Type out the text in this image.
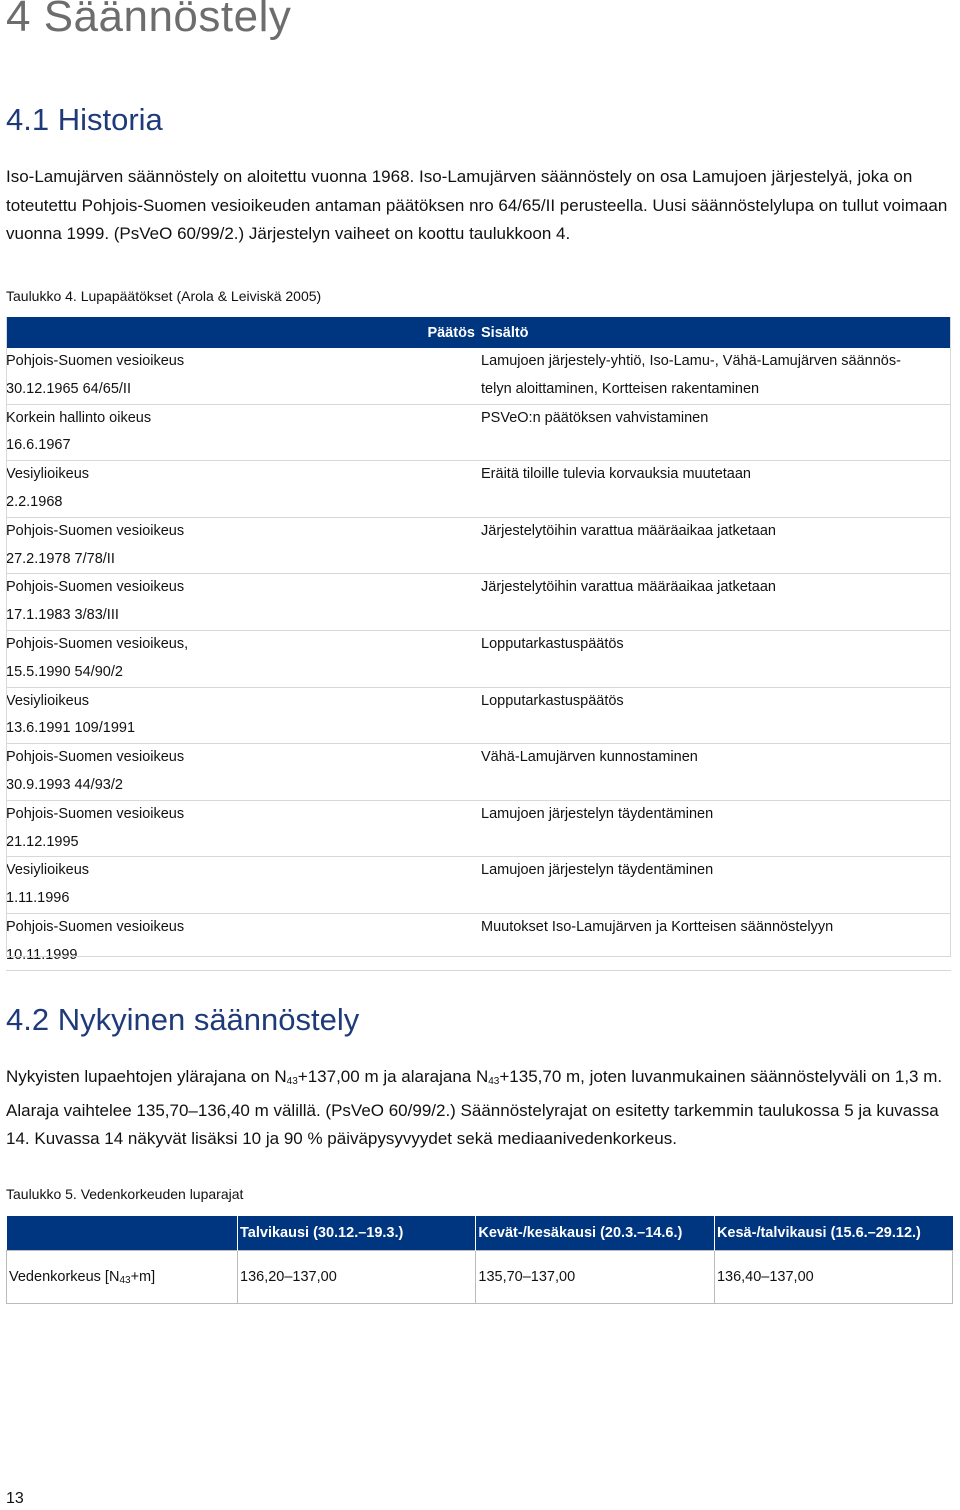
4 Säännöstely
4.1 Historia

Iso-Lamujärven säännöstely on aloitettu vuonna 1968. Iso-Lamujärven säännöstely on osa Lamujoen järjestelyä, joka on toteutettu Pohjois-Suomen vesioikeuden antaman päätöksen nro 64/65/II perusteella. Uusi säännöstelylupa on tullut voimaan vuonna 1999. (PsVeO 60/99/2.) Järjestelyn vaiheet on koottu taulukkoon 4.

Taulukko 4. Lupapäätökset (Arola & Leiviskä 2005)

	Päätös	Sisältö

Pohjois-Suomen vesioikeus
30.12.1965 64/65/II		Lamujoen järjestely-yhtiö, Iso-Lamu-, Vähä-Lamujärven säännös-
telyn aloittaminen, Kortteisen rakentaminen

Korkein hallinto oikeus
16.6.1967		PSVeO:n päätöksen vahvistaminen

Vesiylioikeus
2.2.1968		Eräitä tiloille tulevia korvauksia muutetaan

Pohjois-Suomen vesioikeus
27.2.1978 7/78/II		Järjestelytöihin varattua määräaikaa jatketaan

Pohjois-Suomen vesioikeus
17.1.1983 3/83/III		Järjestelytöihin varattua määräaikaa jatketaan

Pohjois-Suomen vesioikeus,
15.5.1990 54/90/2		Lopputarkastuspäätös

Vesiylioikeus
13.6.1991 109/1991		Lopputarkastuspäätös

Pohjois-Suomen vesioikeus
30.9.1993 44/93/2		Vähä-Lamujärven kunnostaminen

Pohjois-Suomen vesioikeus
21.12.1995		Lamujoen järjestelyn täydentäminen

Vesiylioikeus
1.11.1996		Lamujoen järjestelyn täydentäminen

Pohjois-Suomen vesioikeus
10.11.1999		Muutokset Iso-Lamujärven ja Kortteisen säännöstelyyn
4.2 Nykyinen säännöstely

Nykyisten lupaehtojen ylärajana on $N_{43}+137,00$ m ja alarajana $N_{43}+135,70$ m, joten luvanmukainen säännöstelyväli on 1,3 m. Alaraja vaihtelee 135,70–136,40 m välillä. (PsVeO 60/99/2.) Säännöstelyrajat on esitetty tarkemmin taulukossa 5 ja kuvassa 14. Kuvassa 14 näkyvät lisäksi 10 ja 90 % päiväpysyvyydet sekä mediaanivedenkorkeus.

Taulukko 5. Vedenkorkeuden luparajat

	Talvikausi (30.12.–19.3.)	Kevät-/kesäkausi (20.3.–14.6.)	Kesä-/talvikausi (15.6.–29.12.)
Vedenkorkeus $[N_{43}+m]$	136,20–137,00	135,70–137,00	136,40–137,00
13
